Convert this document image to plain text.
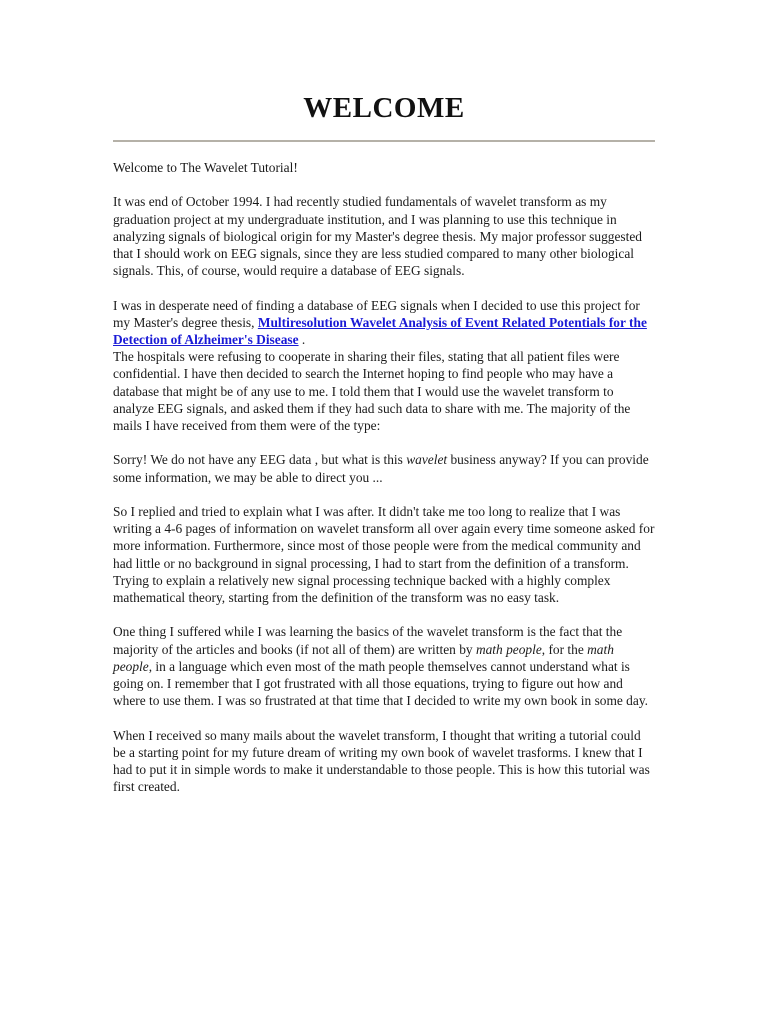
WELCOME

Welcome to The Wavelet Tutorial!

It was end of October 1994. I had recently studied fundamentals of wavelet transform as my graduation project at my undergraduate institution, and I was planning to use this technique in analyzing signals of biological origin for my Master's degree thesis. My major professor suggested that I should work on EEG signals, since they are less studied compared to many other biological signals. This, of course, would require a database of EEG signals.

I was in desperate need of finding a database of EEG signals when I decided to use this project for my Master's degree thesis, Multiresolution Wavelet Analysis of Event Related Potentials for the Detection of Alzheimer's Disease .
The hospitals were refusing to cooperate in sharing their files, stating that all patient files were confidential. I have then decided to search the Internet hoping to find people who may have a database that might be of any use to me. I told them that I would use the wavelet transform to analyze EEG signals, and asked them if they had such data to share with me. The majority of the mails I have received from them were of the type:

Sorry! We do not have any EEG data , but what is this wavelet business anyway? If you can provide some information, we may be able to direct you ...

So I replied and tried to explain what I was after. It didn't take me too long to realize that I was writing a 4-6 pages of information on wavelet transform all over again every time someone asked for more information. Furthermore, since most of those people were from the medical community and had little or no background in signal processing, I had to start from the definition of a transform. Trying to explain a relatively new signal processing technique backed with a highly complex mathematical theory, starting from the definition of the transform was no easy task.

One thing I suffered while I was learning the basics of the wavelet transform is the fact that the majority of the articles and books (if not all of them) are written by math people, for the math people, in a language which even most of the math people themselves cannot understand what is going on. I remember that I got frustrated with all those equations, trying to figure out how and where to use them. I was so frustrated at that time that I decided to write my own book in some day.

When I received so many mails about the wavelet transform, I thought that writing a tutorial could be a starting point for my future dream of writing my own book of wavelet trasforms. I knew that I had to put it in simple words to make it understandable to those people. This is how this tutorial was first created.
